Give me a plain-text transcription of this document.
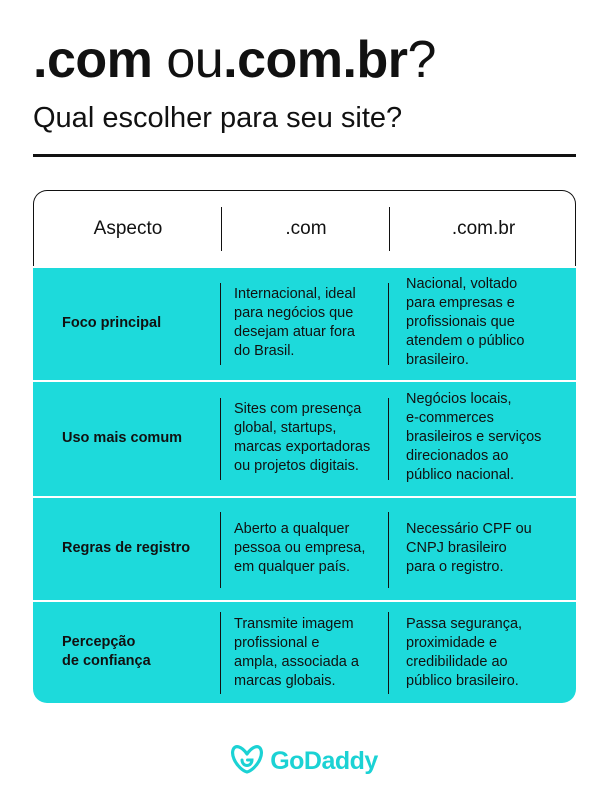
.com ou.com.br?
Qual escolher para seu site?
Aspecto	.com	.com.br
Foco principal
Internacional, ideal
para negócios que
desejam atuar fora
do Brasil.
Nacional, voltado
para empresas e
profissionais que
atendem o público
brasileiro.
Uso mais comum
Sites com presença
global, startups,
marcas exportadoras
ou projetos digitais.
Negócios locais,
e-commerces
brasileiros e serviços
direcionados ao
público nacional.
Regras de registro
Aberto a qualquer
pessoa ou empresa,
em qualquer país.
Necessário CPF ou
CNPJ brasileiro
para o registro.
Percepção
de confiança
Transmite imagem
profissional e
ampla, associada a
marcas globais.
Passa segurança,
proximidade e
credibilidade ao
público brasileiro.
GoDaddy
